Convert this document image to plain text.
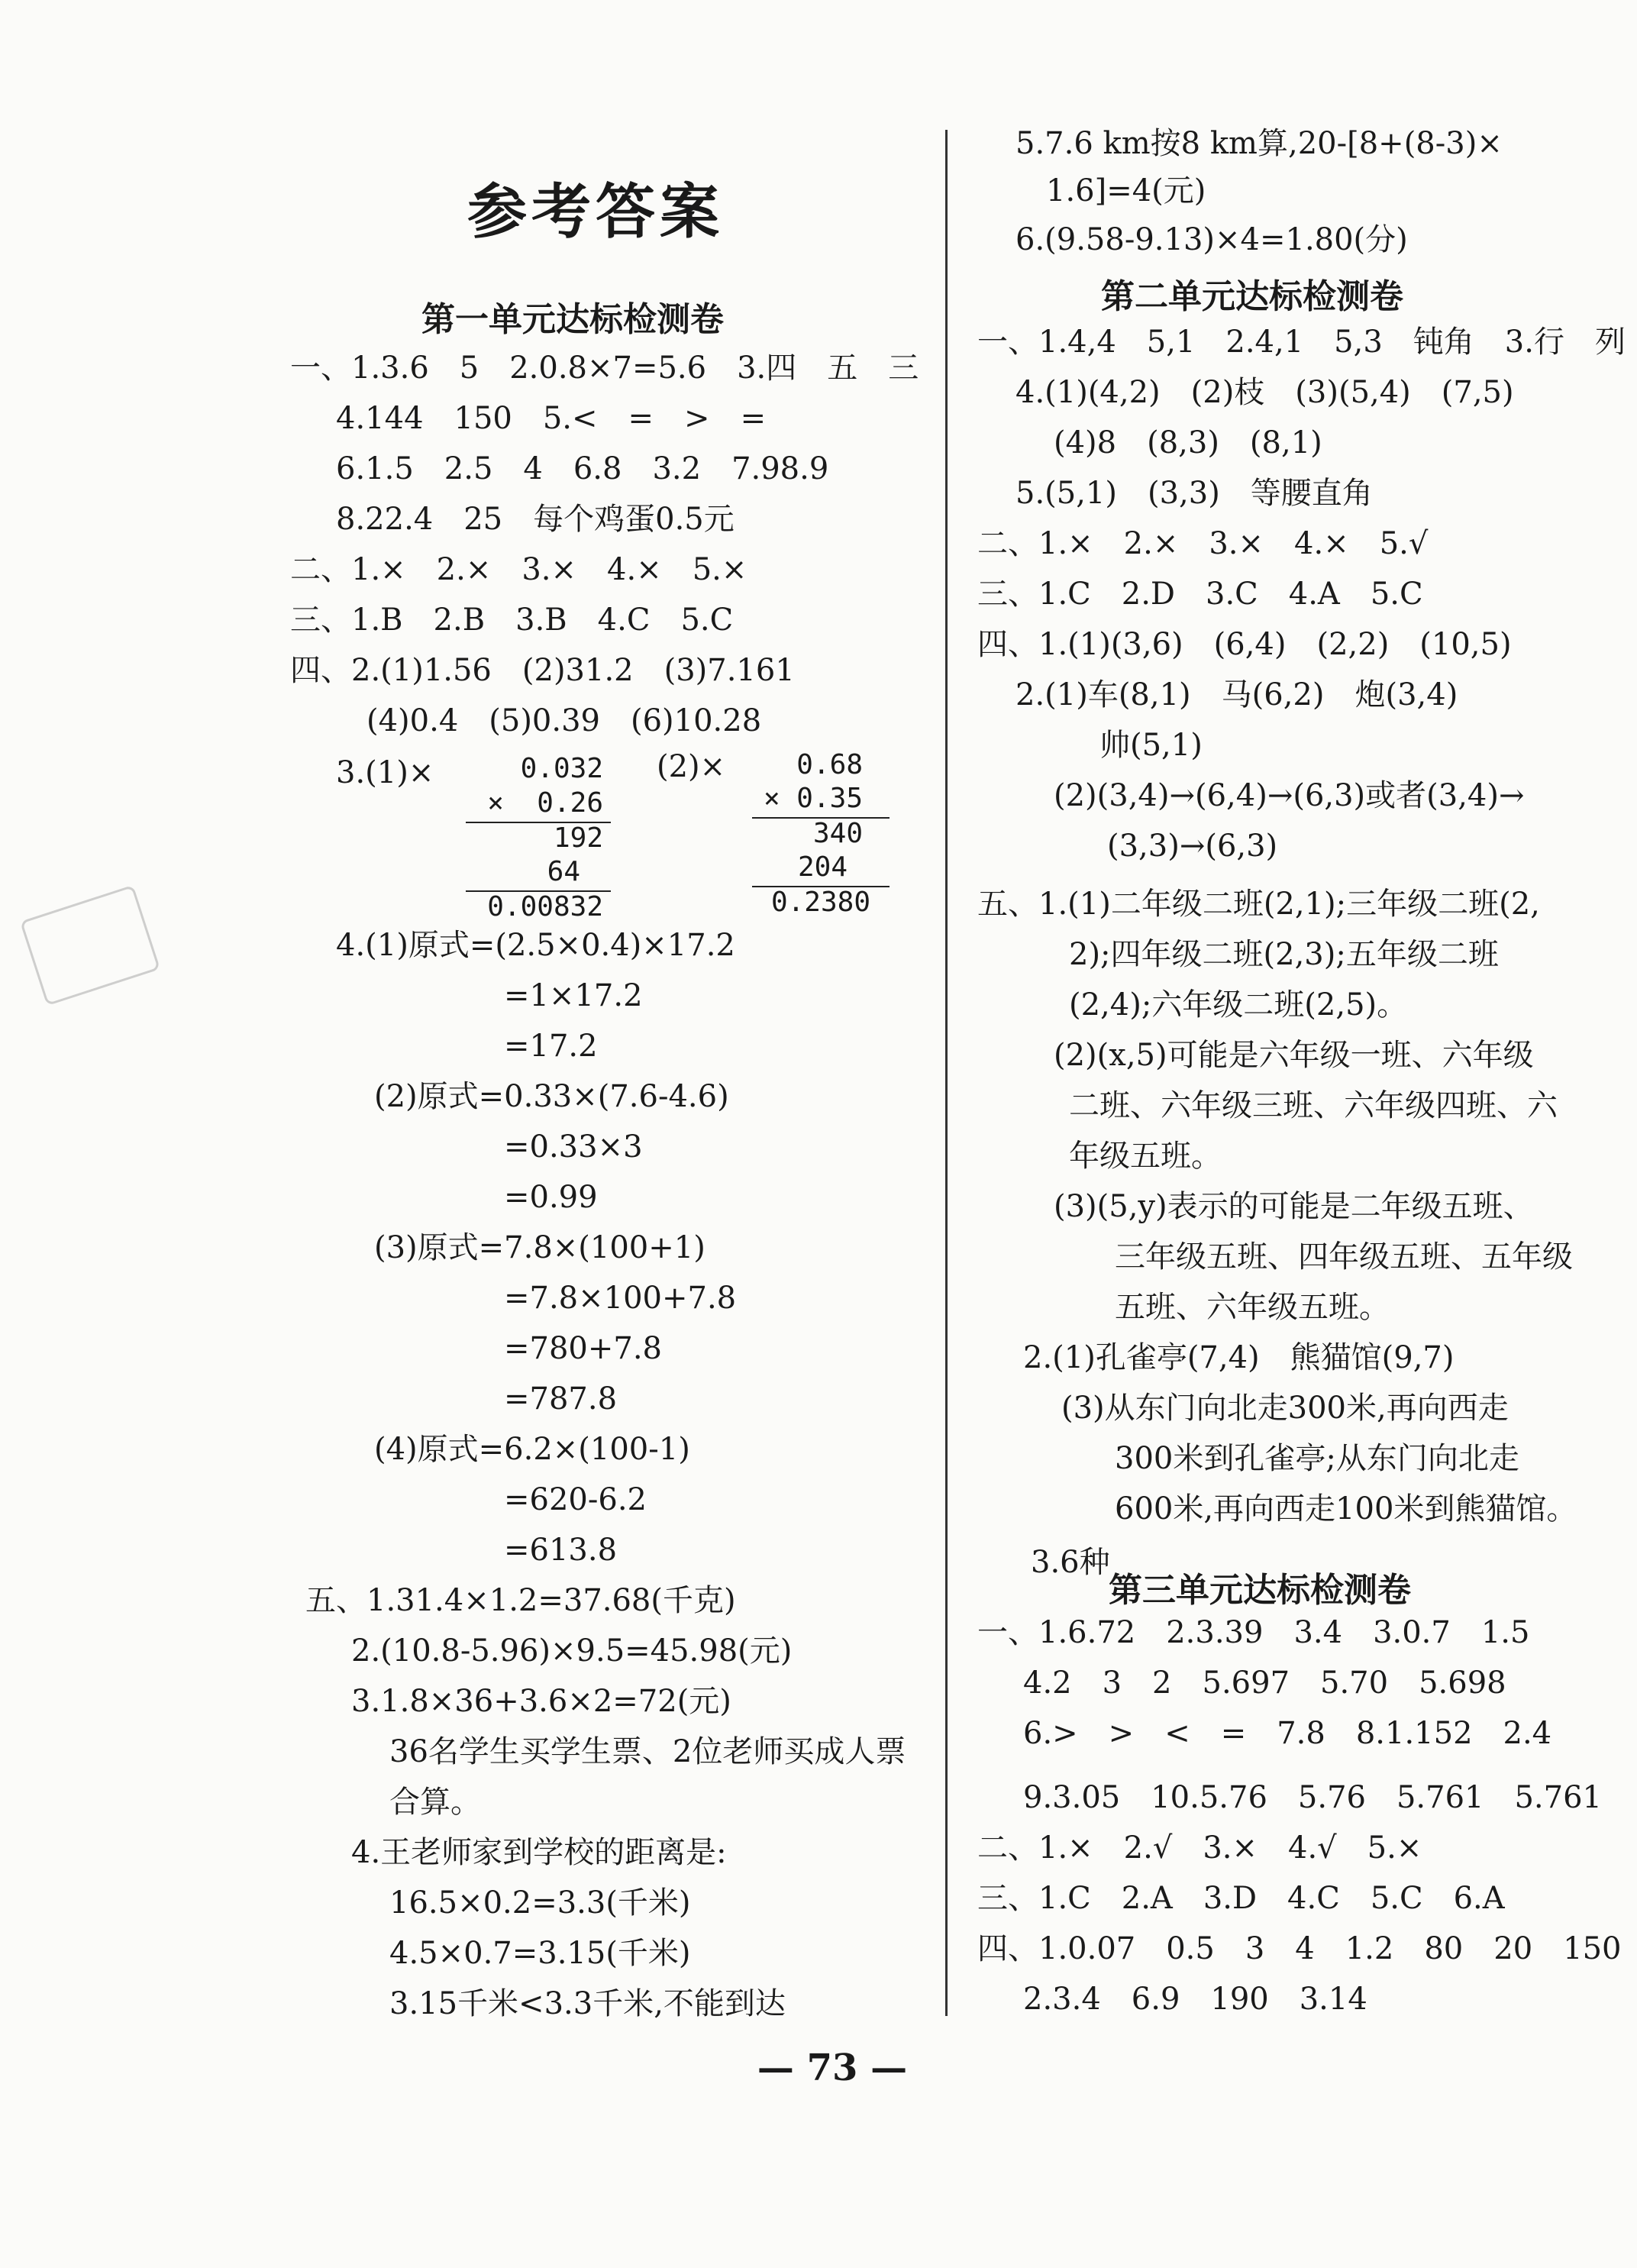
参考答案
第一单元达标检测卷
一、1.3.6　5　2.0.8×7=5.6　3.四　五　三
4.144　150　5.<　=　>　=
6.1.5　2.5　4　6.8　3.2　7.98.9
8.22.4　25　每个鸡蛋0.5元
二、1.×　2.×　3.×　4.×　5.×
三、1.B　2.B　3.B　4.C　5.C
四、2.(1)1.56　(2)31.2　(3)7.161
(4)0.4　(5)0.39　(6)10.28
3.(1)×	(2)×
0.032
×  0.26
192
64
0.00832
0.68
× 0.35
340
204
0.2380
4.(1)原式=(2.5×0.4)×17.2
=1×17.2
=17.2
(2)原式=0.33×(7.6-4.6)
=0.33×3
=0.99
(3)原式=7.8×(100+1)
=7.8×100+7.8
=780+7.8
=787.8
(4)原式=6.2×(100-1)
=620-6.2
=613.8
五、1.31.4×1.2=37.68(千克)
2.(10.8-5.96)×9.5=45.98(元)
3.1.8×36+3.6×2=72(元)
36名学生买学生票、2位老师买成人票
合算。
4.王老师家到学校的距离是:
16.5×0.2=3.3(千米)
4.5×0.7=3.15(千米)
3.15千米<3.3千米,不能到达
5.7.6 km按8 km算,20-[8+(8-3)×
1.6]=4(元)
6.(9.58-9.13)×4=1.80(分)
第二单元达标检测卷
一、1.4,4　5,1　2.4,1　5,3　钝角　3.行　列
4.(1)(4,2)　(2)枝　(3)(5,4)　(7,5)
(4)8　(8,3)　(8,1)
5.(5,1)　(3,3)　等腰直角
二、1.×　2.×　3.×　4.×　5.√
三、1.C　2.D　3.C　4.A　5.C
四、1.(1)(3,6)　(6,4)　(2,2)　(10,5)
2.(1)车(8,1)　马(6,2)　炮(3,4)
帅(5,1)
(2)(3,4)→(6,4)→(6,3)或者(3,4)→
(3,3)→(6,3)
五、1.(1)二年级二班(2,1);三年级二班(2,
2);四年级二班(2,3);五年级二班
(2,4);六年级二班(2,5)。
(2)(x,5)可能是六年级一班、六年级
二班、六年级三班、六年级四班、六
年级五班。
(3)(5,y)表示的可能是二年级五班、
三年级五班、四年级五班、五年级
五班、六年级五班。
2.(1)孔雀亭(7,4)　熊猫馆(9,7)
(3)从东门向北走300米,再向西走
300米到孔雀亭;从东门向北走
600米,再向西走100米到熊猫馆。
3.6种
第三单元达标检测卷
一、1.6.72　2.3.39　3.4　3.0.7　1.5
4.2　3　2　5.697　5.70　5.698
6.>　>　<　=　7.8　8.1.152　2.4
9.3.05　10.5.76　5.76　5.761　5.761
二、1.×　2.√　3.×　4.√　5.×
三、1.C　2.A　3.D　4.C　5.C　6.A
四、1.0.07　0.5　3　4　1.2　80　20　150
2.3.4　6.9　190　3.14
— 73 —
